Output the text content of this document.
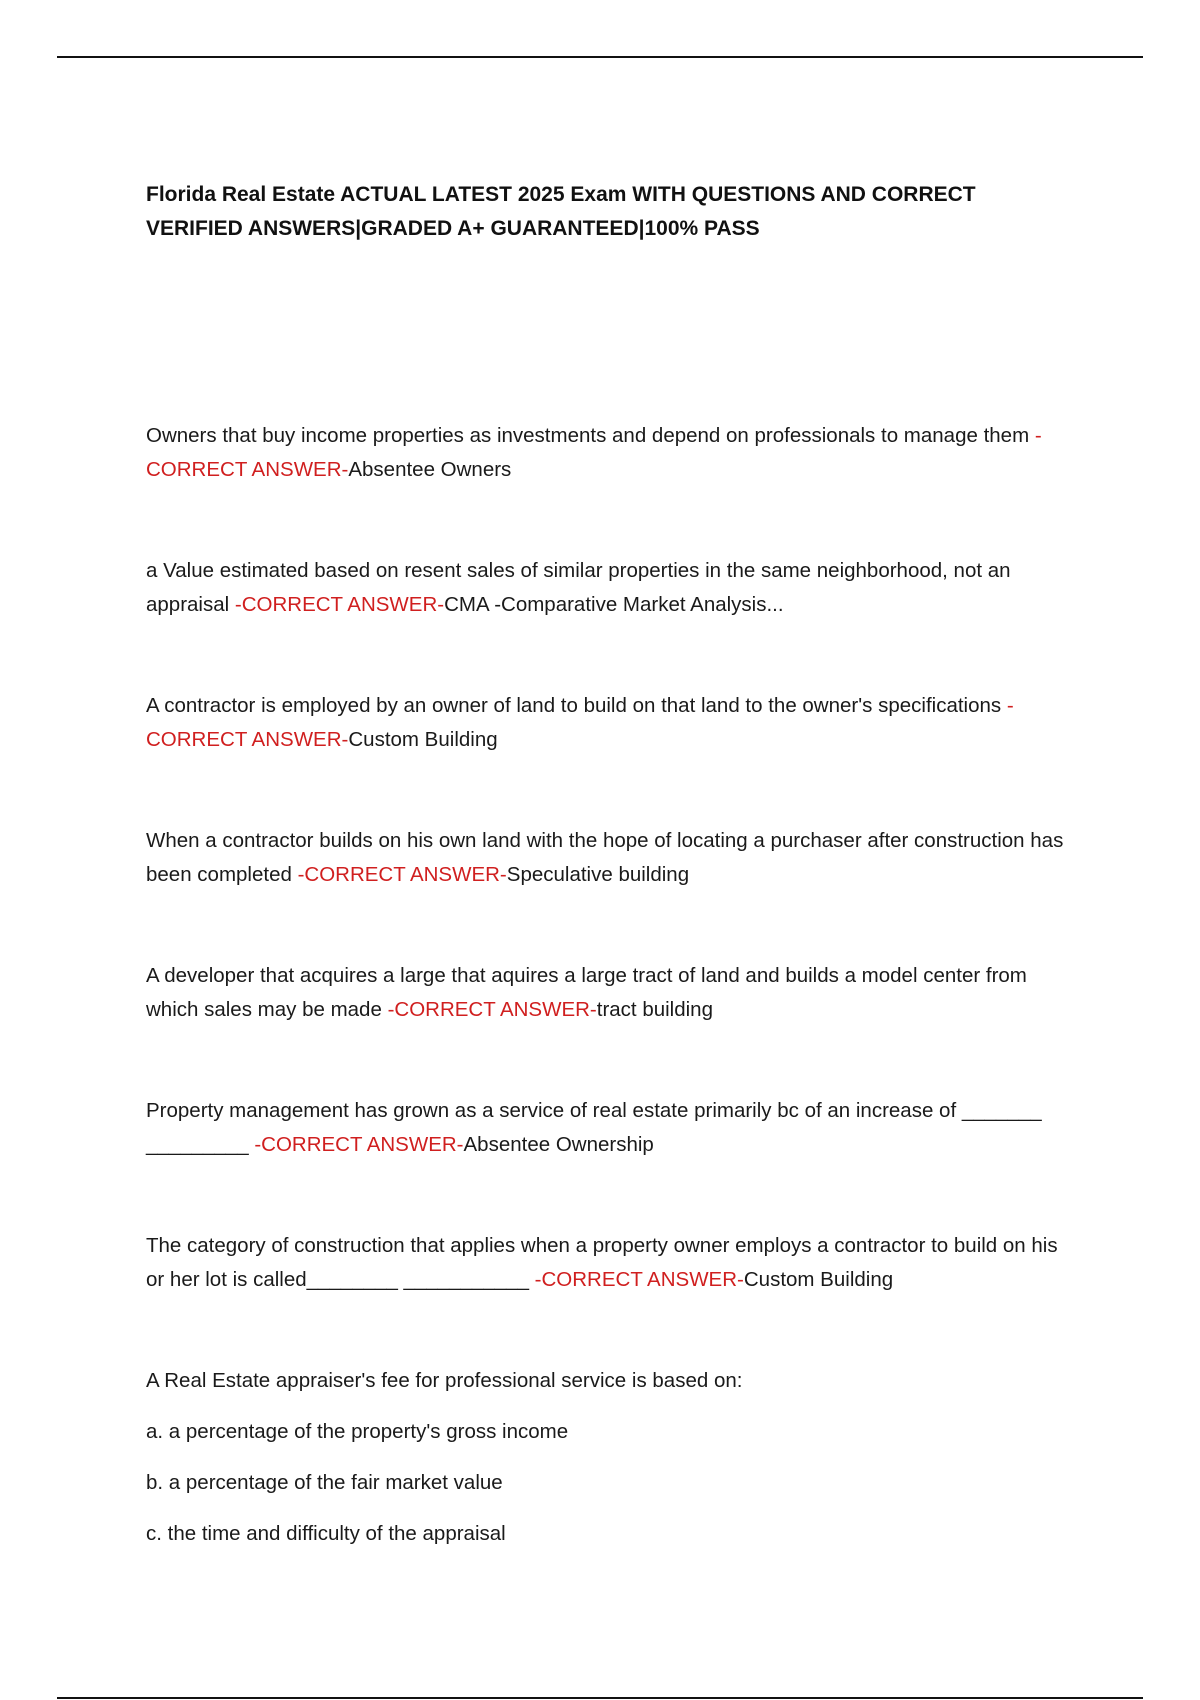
Florida Real Estate ACTUAL LATEST 2025 Exam WITH QUESTIONS AND CORRECT VERIFIED ANSWERS|GRADED A+ GUARANTEED|100% PASS

Owners that buy income properties as investments and depend on professionals to manage them -CORRECT ANSWER-Absentee Owners

a Value estimated based on resent sales of similar properties in the same neighborhood, not an appraisal -CORRECT ANSWER-CMA -Comparative Market Analysis...

A contractor is employed by an owner of land to build on that land to the owner's specifications -CORRECT ANSWER-Custom Building

When a contractor builds on his own land with the hope of locating a purchaser after construction has been completed -CORRECT ANSWER-Speculative building

A developer that acquires a large that aquires a large tract of land and builds a model center from which sales may be made -CORRECT ANSWER-tract building

Property management has grown as a service of real estate primarily bc of an increase of _______ _________ -CORRECT ANSWER-Absentee Ownership

The category of construction that applies when a property owner employs a contractor to build on his or her lot is called________ ___________ -CORRECT ANSWER-Custom Building

A Real Estate appraiser's fee for professional service is based on:

a. a percentage of the property's gross income
b. a percentage of the fair market value
c. the time and difficulty of the appraisal
